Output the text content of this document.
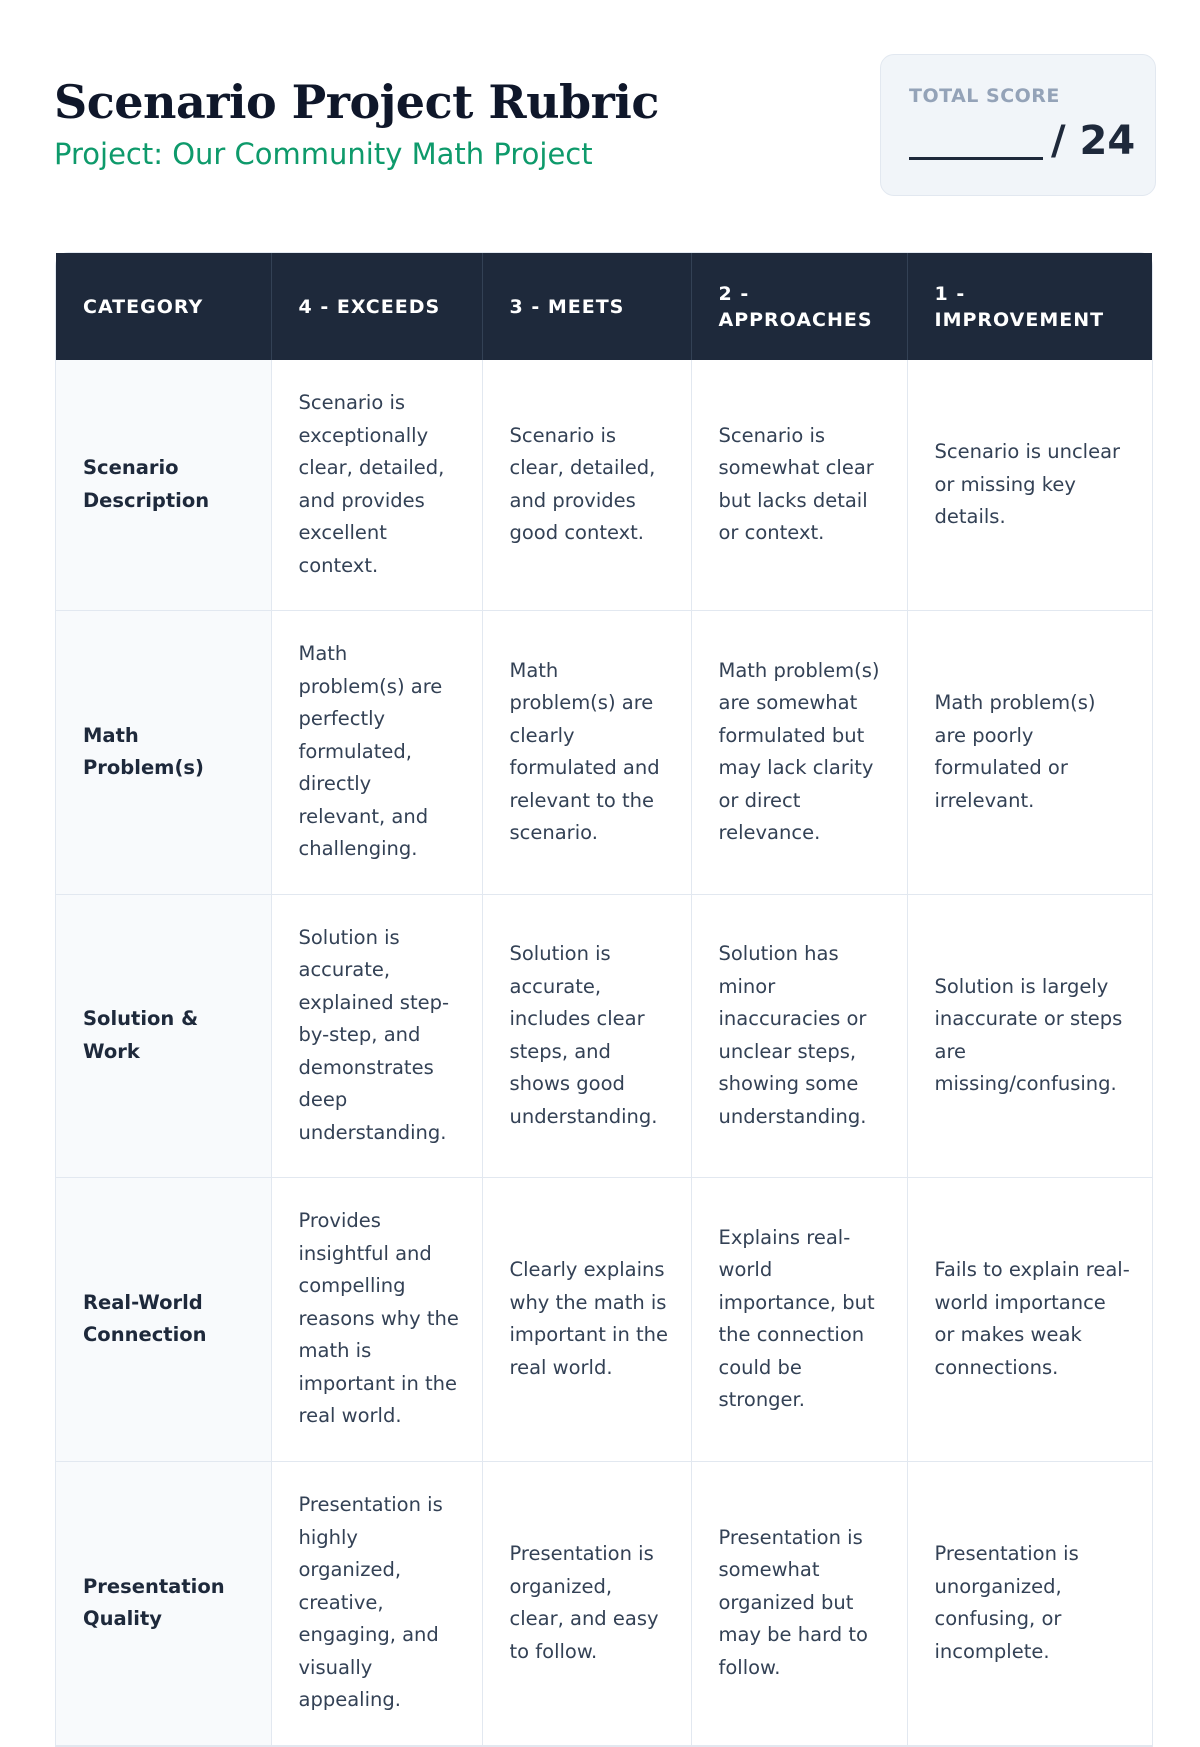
Scenario Project Rubric
Project: Our Community Math Project
TOTAL SCORE
/ 24
CATEGORY	4 - EXCEEDS	3 - MEETS	2 - APPROACHES	1 - IMPROVEMENT
Scenario Description	Scenario is exceptionally clear, detailed, and provides excellent context.	Scenario is clear, detailed, and provides good context.	Scenario is somewhat clear but lacks detail or context.	Scenario is unclear or missing key details.
Math Problem(s)	Math problem(s) are perfectly formulated, directly relevant, and challenging.	Math problem(s) are clearly formulated and relevant to the scenario.	Math problem(s) are somewhat formulated but may lack clarity or direct relevance.	Math problem(s) are poorly formulated or irrelevant.
Solution & Work	Solution is accurate, explained step-by-step, and demonstrates deep understanding.	Solution is accurate, includes clear steps, and shows good understanding.	Solution has minor inaccuracies or unclear steps, showing some understanding.	Solution is largely inaccurate or steps are missing/confusing.
Real-World Connection	Provides insightful and compelling reasons why the math is important in the real world.	Clearly explains why the math is important in the real world.	Explains real-world importance, but the connection could be stronger.	Fails to explain real-world importance or makes weak connections.
Presentation Quality	Presentation is highly organized, creative, engaging, and visually appealing.	Presentation is organized, clear, and easy to follow.	Presentation is somewhat organized but may be hard to follow.	Presentation is unorganized, confusing, or incomplete.
